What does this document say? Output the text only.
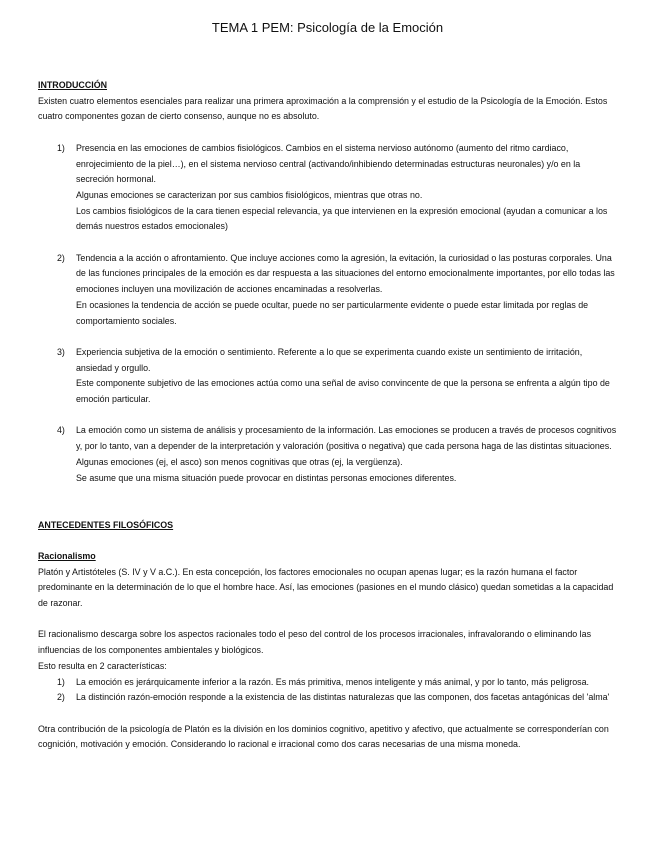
TEMA 1 PEM: Psicología de la Emoción
INTRODUCCIÓN

Existen cuatro elementos esenciales para realizar una primera aproximación a la comprensión y el estudio de la Psicología de la Emoción. Estos cuatro componentes gozan de cierto consenso, aunque no es absoluto.

1) Presencia en las emociones de cambios fisiológicos. Cambios en el sistema nervioso autónomo (aumento del ritmo cardiaco, enrojecimiento de la piel…), en el sistema nervioso central (activando/inhibiendo determinadas estructuras neuronales) y/o en la secreción hormonal.
Algunas emociones se caracterizan por sus cambios fisiológicos, mientras que otras no.
Los cambios fisiológicos de la cara tienen especial relevancia, ya que intervienen en la expresión emocional (ayudan a comunicar a los demás nuestros estados emocionales)
2) Tendencia a la acción o afrontamiento. Que incluye acciones como la agresión, la evitación, la curiosidad o las posturas corporales. Una de las funciones principales de la emoción es dar respuesta a las situaciones del entorno emocionalmente importantes, por ello todas las emociones incluyen una movilización de acciones encaminadas a resolverlas.
En ocasiones la tendencia de acción se puede ocultar, puede no ser particularmente evidente o puede estar limitada por reglas de comportamiento sociales.
3) Experiencia subjetiva de la emoción o sentimiento. Referente a lo que se experimenta cuando existe un sentimiento de irritación, ansiedad y orgullo.
Este componente subjetivo de las emociones actúa como una señal de aviso convincente de que la persona se enfrenta a algún tipo de emoción particular.
4) La emoción como un sistema de análisis y procesamiento de la información. Las emociones se producen a través de procesos cognitivos y, por lo tanto, van a depender de la interpretación y valoración (positiva o negativa) que cada persona haga de las distintas situaciones. Algunas emociones (ej, el asco) son menos cognitivas que otras (ej, la vergüenza).
Se asume que una misma situación puede provocar en distintas personas emociones diferentes.
ANTECEDENTES FILOSÓFICOS
Racionalismo

Platón y Artistóteles (S. IV y V a.C.). En esta concepción, los factores emocionales no ocupan apenas lugar; es la razón humana el factor predominante en la determinación de lo que el hombre hace. Así, las emociones (pasiones en el mundo clásico) quedan sometidas a la capacidad de razonar.

El racionalismo descarga sobre los aspectos racionales todo el peso del control de los procesos irracionales, infravalorando o eliminando las influencias de los componentes ambientales y biológicos.

Esto resulta en 2 características:

1) La emoción es jerárquicamente inferior a la razón. Es más primitiva, menos inteligente y más animal, y por lo tanto, más peligrosa.
2) La distinción razón-emoción responde a la existencia de las distintas naturalezas que las componen, dos facetas antagónicas del 'alma'

Otra contribución de la psicología de Platón es la división en los dominios cognitivo, apetitivo y afectivo, que actualmente se corresponderían con cognición, motivación y emoción. Considerando lo racional e irracional como dos caras necesarias de una misma moneda.
